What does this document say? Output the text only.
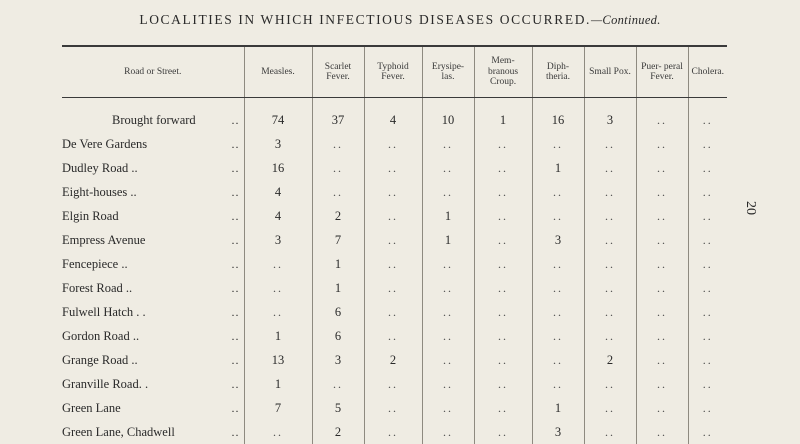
LOCALITIES IN WHICH INFECTIOUS DISEASES OCCURRED.—Continued.
20
Road or Street.	Measles.	Scarlet Fever.	Typhoid Fever.	Erysipe- las.	Mem- branous Croup.	Diph- theria.	Small Pox.	Puer- peral Fever.	Cholera.

Brought forward ..	74	37	4	10	1	16	3	..	..
De Vere Gardens ..	3	..	..	..	..	..	..	..	..
Dudley Road .. ..	16	..	..	..	..	1	..	..	..
Eight-houses .. ..	4	..	..	..	..	..	..	..	..
Elgin Road ..	4	2	..	1	..	..	..	..	..
Empress Avenue ..	3	7	..	1	..	3	..	..	..
Fencepiece .. ..	..	1	..	..	..	..	..	..	..
Forest Road .. ..	..	1	..	..	..	..	..	..	..
Fulwell Hatch . . ..	..	6	..	..	..	..	..	..	..
Gordon Road .. ..	1	6	..	..	..	..	..	..	..
Grange Road .. ..	13	3	2	..	..	..	2	..	..
Granville Road. . ..	1	..	..	..	..	..	..	..	..
Green Lane ..	7	5	..	..	..	1	..	..	..
Green Lane, Chadwell ..	..	2	..	..	..	3	..	..	..
